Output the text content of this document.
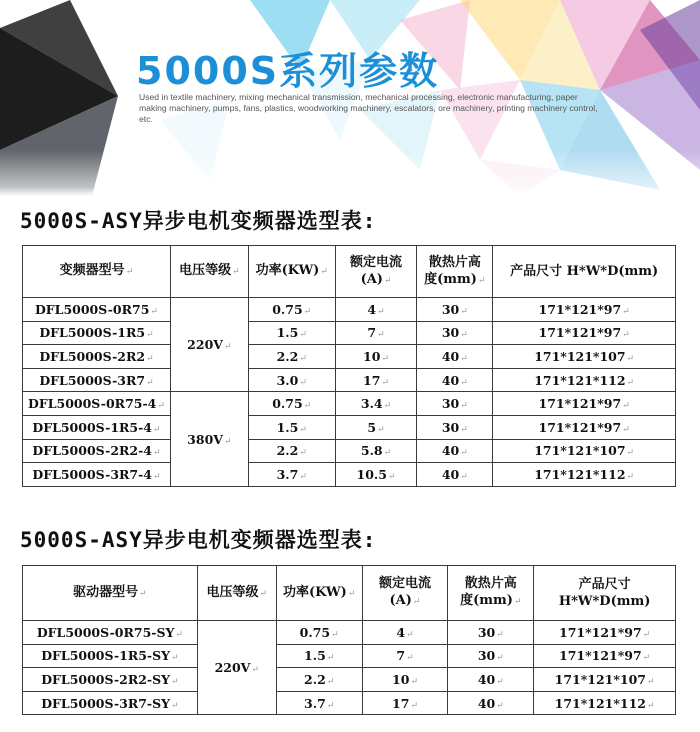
5000S系列参数
Used in textile machinery, mixing mechanical transmission, mechanical processing, electronic manufacturing, paper making machinery, pumps, fans, plastics, woodworking machinery, escalators, ore machinery, printing machinery control, etc.
5000S-ASY异步电机变频器选型表:
变频器型号↵	电压等级↵	功率(KW)↵	额定电流
(A)↵	散热片高
度(mm)↵	产品尺寸 H*W*D(mm)
DFL5000S-0R75↵	220V↵	0.75↵	4↵	30↵	171*121*97↵
DFL5000S-1R5↵		1.5↵	7↵	30↵	171*121*97↵
DFL5000S-2R2↵		2.2↵	10↵	40↵	171*121*107↵
DFL5000S-3R7↵		3.0↵	17↵	40↵	171*121*112↵
DFL5000S-0R75-4↵	380V↵	0.75↵	3.4↵	30↵	171*121*97↵
DFL5000S-1R5-4↵		1.5↵	5↵	30↵	171*121*97↵
DFL5000S-2R2-4↵		2.2↵	5.8↵	40↵	171*121*107↵
DFL5000S-3R7-4↵		3.7↵	10.5↵	40↵	171*121*112↵
5000S-ASY异步电机变频器选型表:
驱动器型号↵	电压等级↵	功率(KW)↵	额定电流
(A)↵	散热片高
度(mm)↵	产品尺寸
H*W*D(mm)
DFL5000S-0R75-SY↵	220V↵	0.75↵	4↵	30↵	171*121*97↵
DFL5000S-1R5-SY↵		1.5↵	7↵	30↵	171*121*97↵
DFL5000S-2R2-SY↵		2.2↵	10↵	40↵	171*121*107↵
DFL5000S-3R7-SY↵		3.7↵	17↵	40↵	171*121*112↵
